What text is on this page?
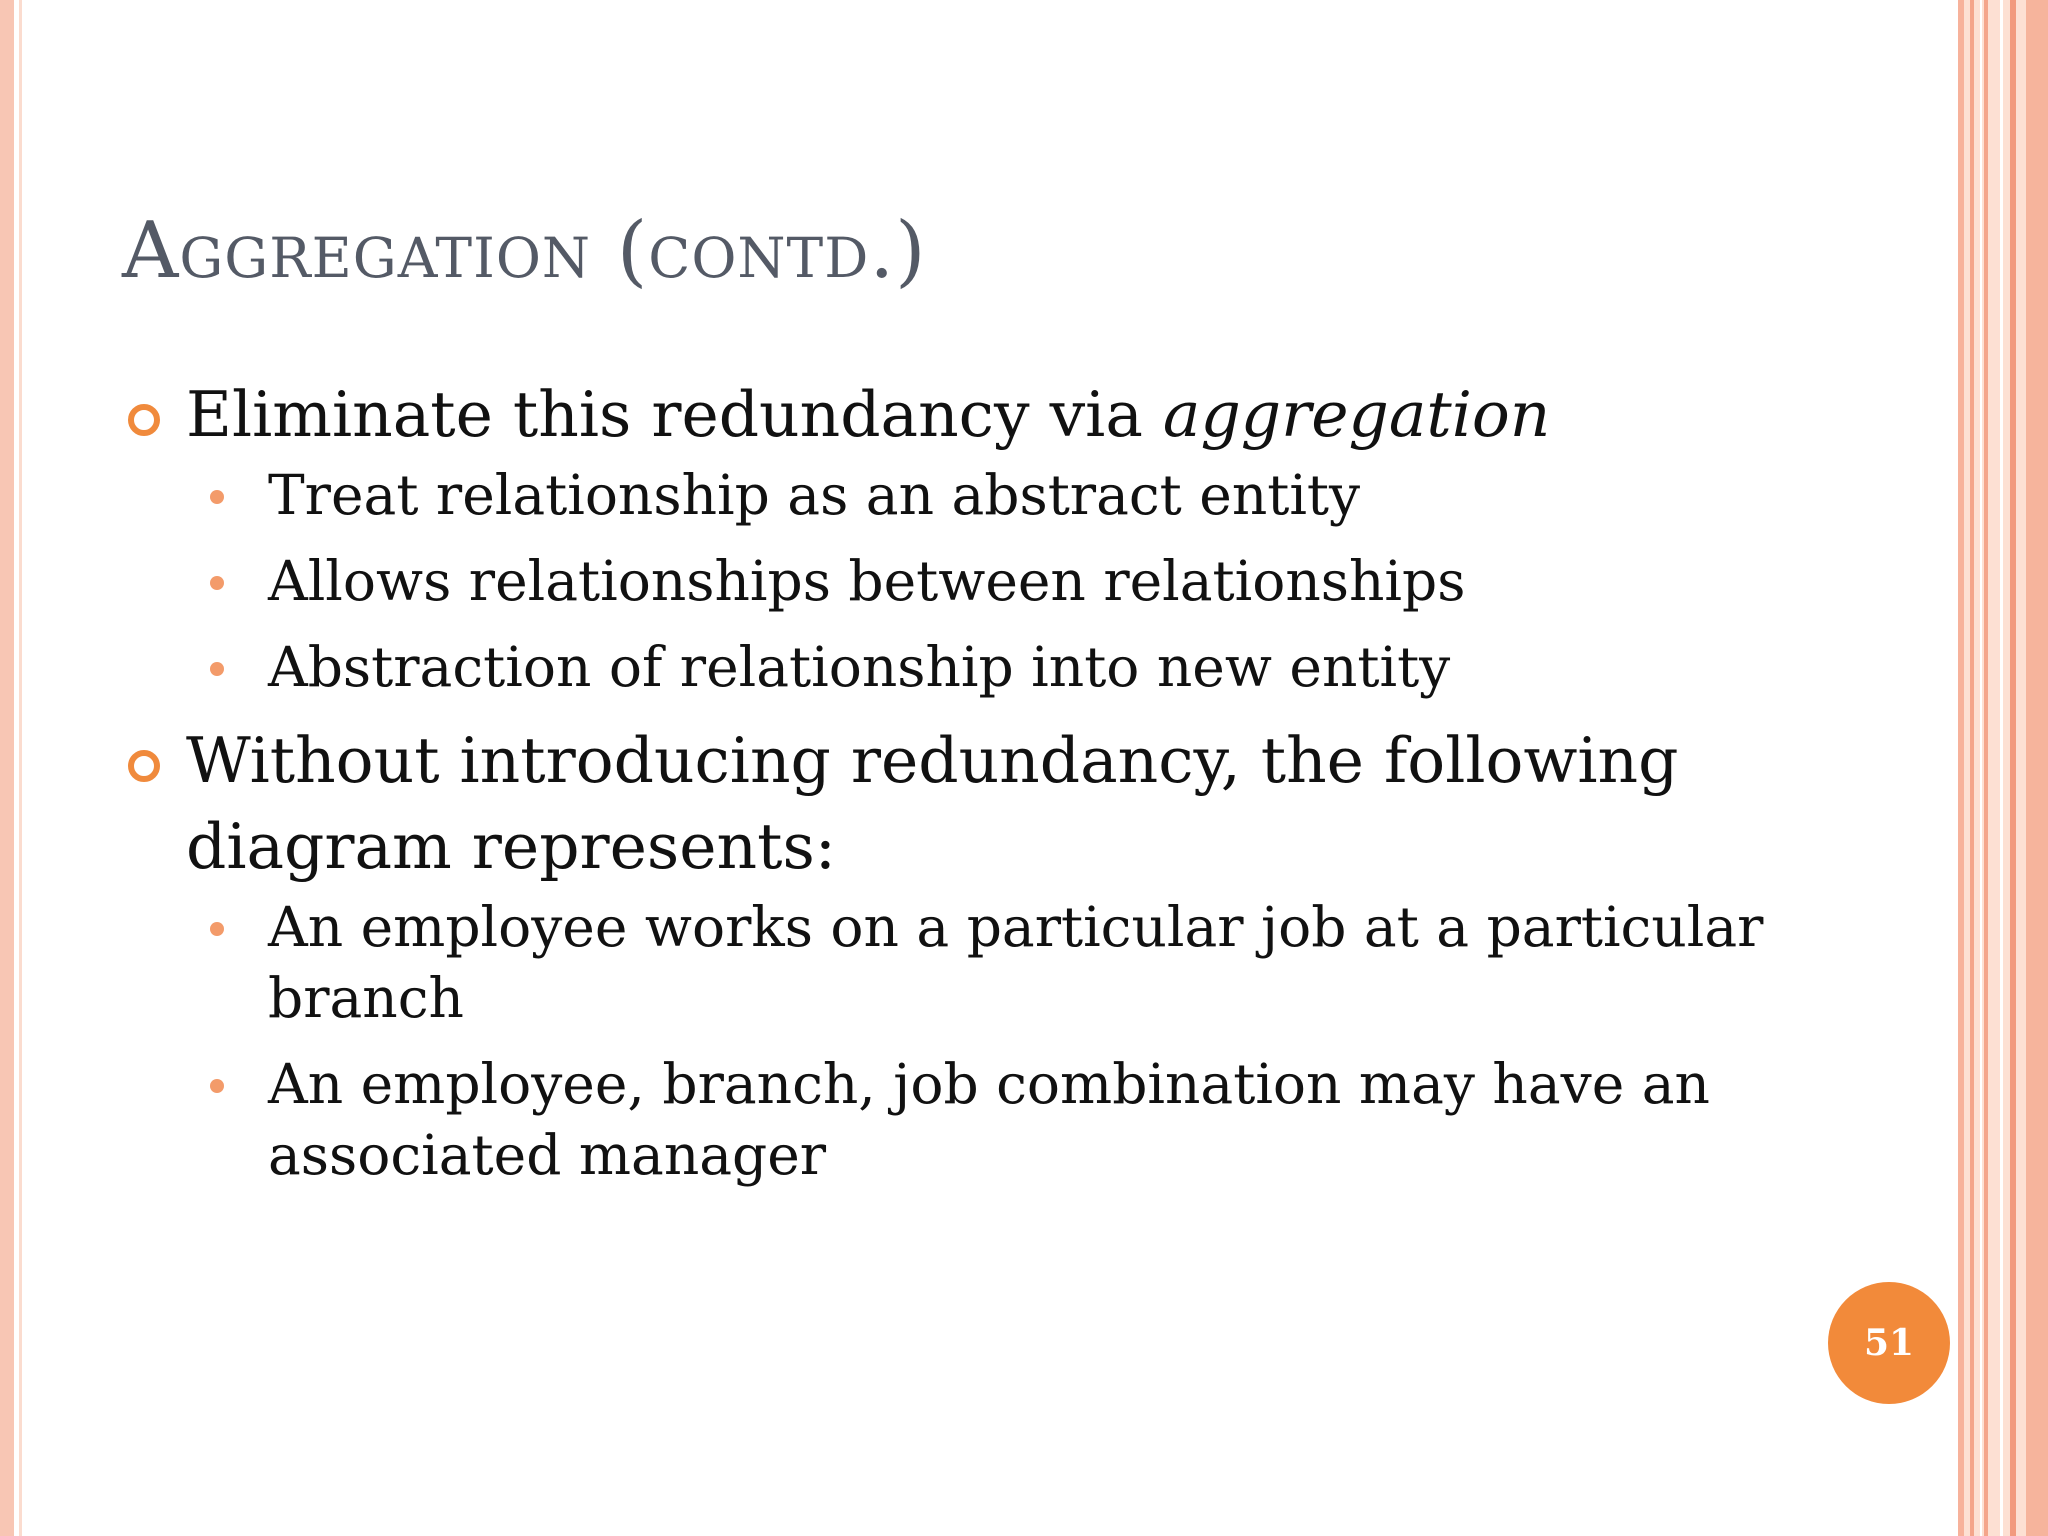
Aggregation (contd.)
Eliminate this redundancy via aggregation
Treat relationship as an abstract entity
Allows relationships between relationships
Abstraction of relationship into new entity
Without introducing redundancy, the following
diagram represents:
An employee works on a particular job at a particular
branch
An employee, branch, job combination may have an
associated manager
51
